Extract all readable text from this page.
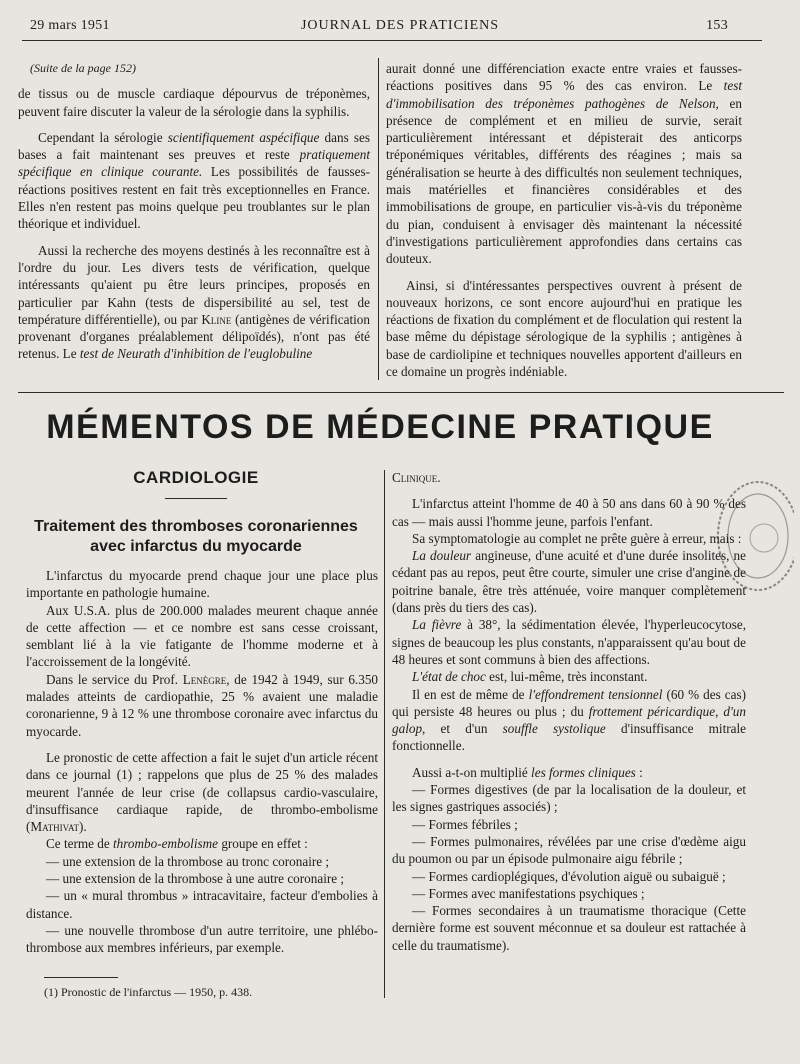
29 mars 1951	JOURNAL DES PRATICIENS	153

(Suite de la page 152)

de tissus ou de muscle cardiaque dépourvus de tréponèmes, peuvent faire discuter la valeur de la sérologie dans la syphilis.

Cependant la sérologie scientifiquement aspécifique dans ses bases a fait maintenant ses preuves et reste pratiquement spécifique en clinique courante. Les possibilités de fausses-réactions positives restent en fait très exceptionnelles en France. Elles n'en restent pas moins quelque peu troublantes sur le plan théorique et individuel.

Aussi la recherche des moyens destinés à les reconnaître est à l'ordre du jour. Les divers tests de vérification, quelque intéressants qu'aient pu être leurs principes, proposés en particulier par Kahn (tests de dispersibilité au sel, test de température différentielle), ou par Kline (antigènes de vérification provenant d'organes préalablement délipoïdés), n'ont pas été retenus. Le test de Neurath d'inhibition de l'euglobuline

aurait donné une différenciation exacte entre vraies et fausses-réactions positives dans 95 % des cas environ. Le test d'immobilisation des tréponèmes pathogènes de Nelson, en présence de complément et en milieu de survie, serait particulièrement intéressant et dépisterait des anticorps tréponémiques véritables, différents des réagines ; mais sa généralisation se heurte à des difficultés non seulement techniques, mais matérielles et financières considérables et des immobilisations de groupe, en particulier vis-à-vis du tréponème du pian, conduisent à envisager dès maintenant la nécessité d'investigations particulièrement approfondies dans certains cas douteux.

Ainsi, si d'intéressantes perspectives ouvrent à présent de nouveaux horizons, ce sont encore aujourd'hui en pratique les réactions de fixation du complément et de floculation qui restent la base même du dépistage sérologique de la syphilis ; antigènes à base de cardiolipine et techniques nouvelles apportent d'ailleurs en ce domaine un progrès indéniable.

MÉMENTOS DE MÉDECINE PRATIQUE
CARDIOLOGIE
Traitement des thromboses coronariennes avec infarctus du myocarde

L'infarctus du myocarde prend chaque jour une place plus importante en pathologie humaine.

Aux U.S.A. plus de 200.000 malades meurent chaque année de cette affection — et ce nombre est sans cesse croissant, semblant lié à la vie fatigante de l'homme moderne et à l'accroissement de la longévité.

Dans le service du Prof. Lenègre, de 1942 à 1949, sur 6.350 malades atteints de cardiopathie, 25 % avaient une maladie coronarienne, 9 à 12 % une thrombose coronaire avec infarctus du myocarde.

Le pronostic de cette affection a fait le sujet d'un article récent dans ce journal (1) ; rappelons que plus de 25 % des malades meurent l'année de leur crise (de collapsus cardio-vasculaire, d'insuffisance cardiaque rapide, de thrombo-embolisme (Mathivat).

Ce terme de thrombo-embolisme groupe en effet :

— une extension de la thrombose au tronc coronaire ;

— une extension de la thrombose à une autre coronaire ;

— un « mural thrombus » intracavitaire, facteur d'embolies à distance.

— une nouvelle thrombose d'un autre territoire, une phlébo-thrombose aux membres inférieurs, par exemple.

(1) Pronostic de l'infarctus — 1950, p. 438.

Clinique.

L'infarctus atteint l'homme de 40 à 50 ans dans 60 à 90 % des cas — mais aussi l'homme jeune, parfois l'enfant.

Sa symptomatologie au complet ne prête guère à erreur, mais :

La douleur angineuse, d'une acuité et d'une durée insolites, ne cédant pas au repos, peut être courte, simuler une crise d'angine de poitrine banale, être très atténuée, voire manquer complètement (dans près du tiers des cas).

La fièvre à 38°, la sédimentation élevée, l'hyperleucocytose, signes de beaucoup les plus constants, n'apparaissent qu'au bout de 48 heures et sont communs à bien des affections.

L'état de choc est, lui-même, très inconstant.

Il en est de même de l'effondrement tensionnel (60 % des cas) qui persiste 48 heures ou plus ; du frottement péricardique, d'un galop, et d'un souffle systolique d'insuffisance mitrale fonctionnelle.

Aussi a-t-on multiplié les formes cliniques :

— Formes digestives (de par la localisation de la douleur, et les signes gastriques associés) ;

— Formes fébriles ;

— Formes pulmonaires, révélées par une crise d'œdème aigu du poumon ou par un épisode pulmonaire aigu fébrile ;

— Formes cardioplégiques, d'évolution aiguë ou subaiguë ;

— Formes avec manifestations psychiques ;

— Formes secondaires à un traumatisme thoracique (Cette dernière forme est souvent méconnue et sa douleur est rattachée à celle du traumatisme).
